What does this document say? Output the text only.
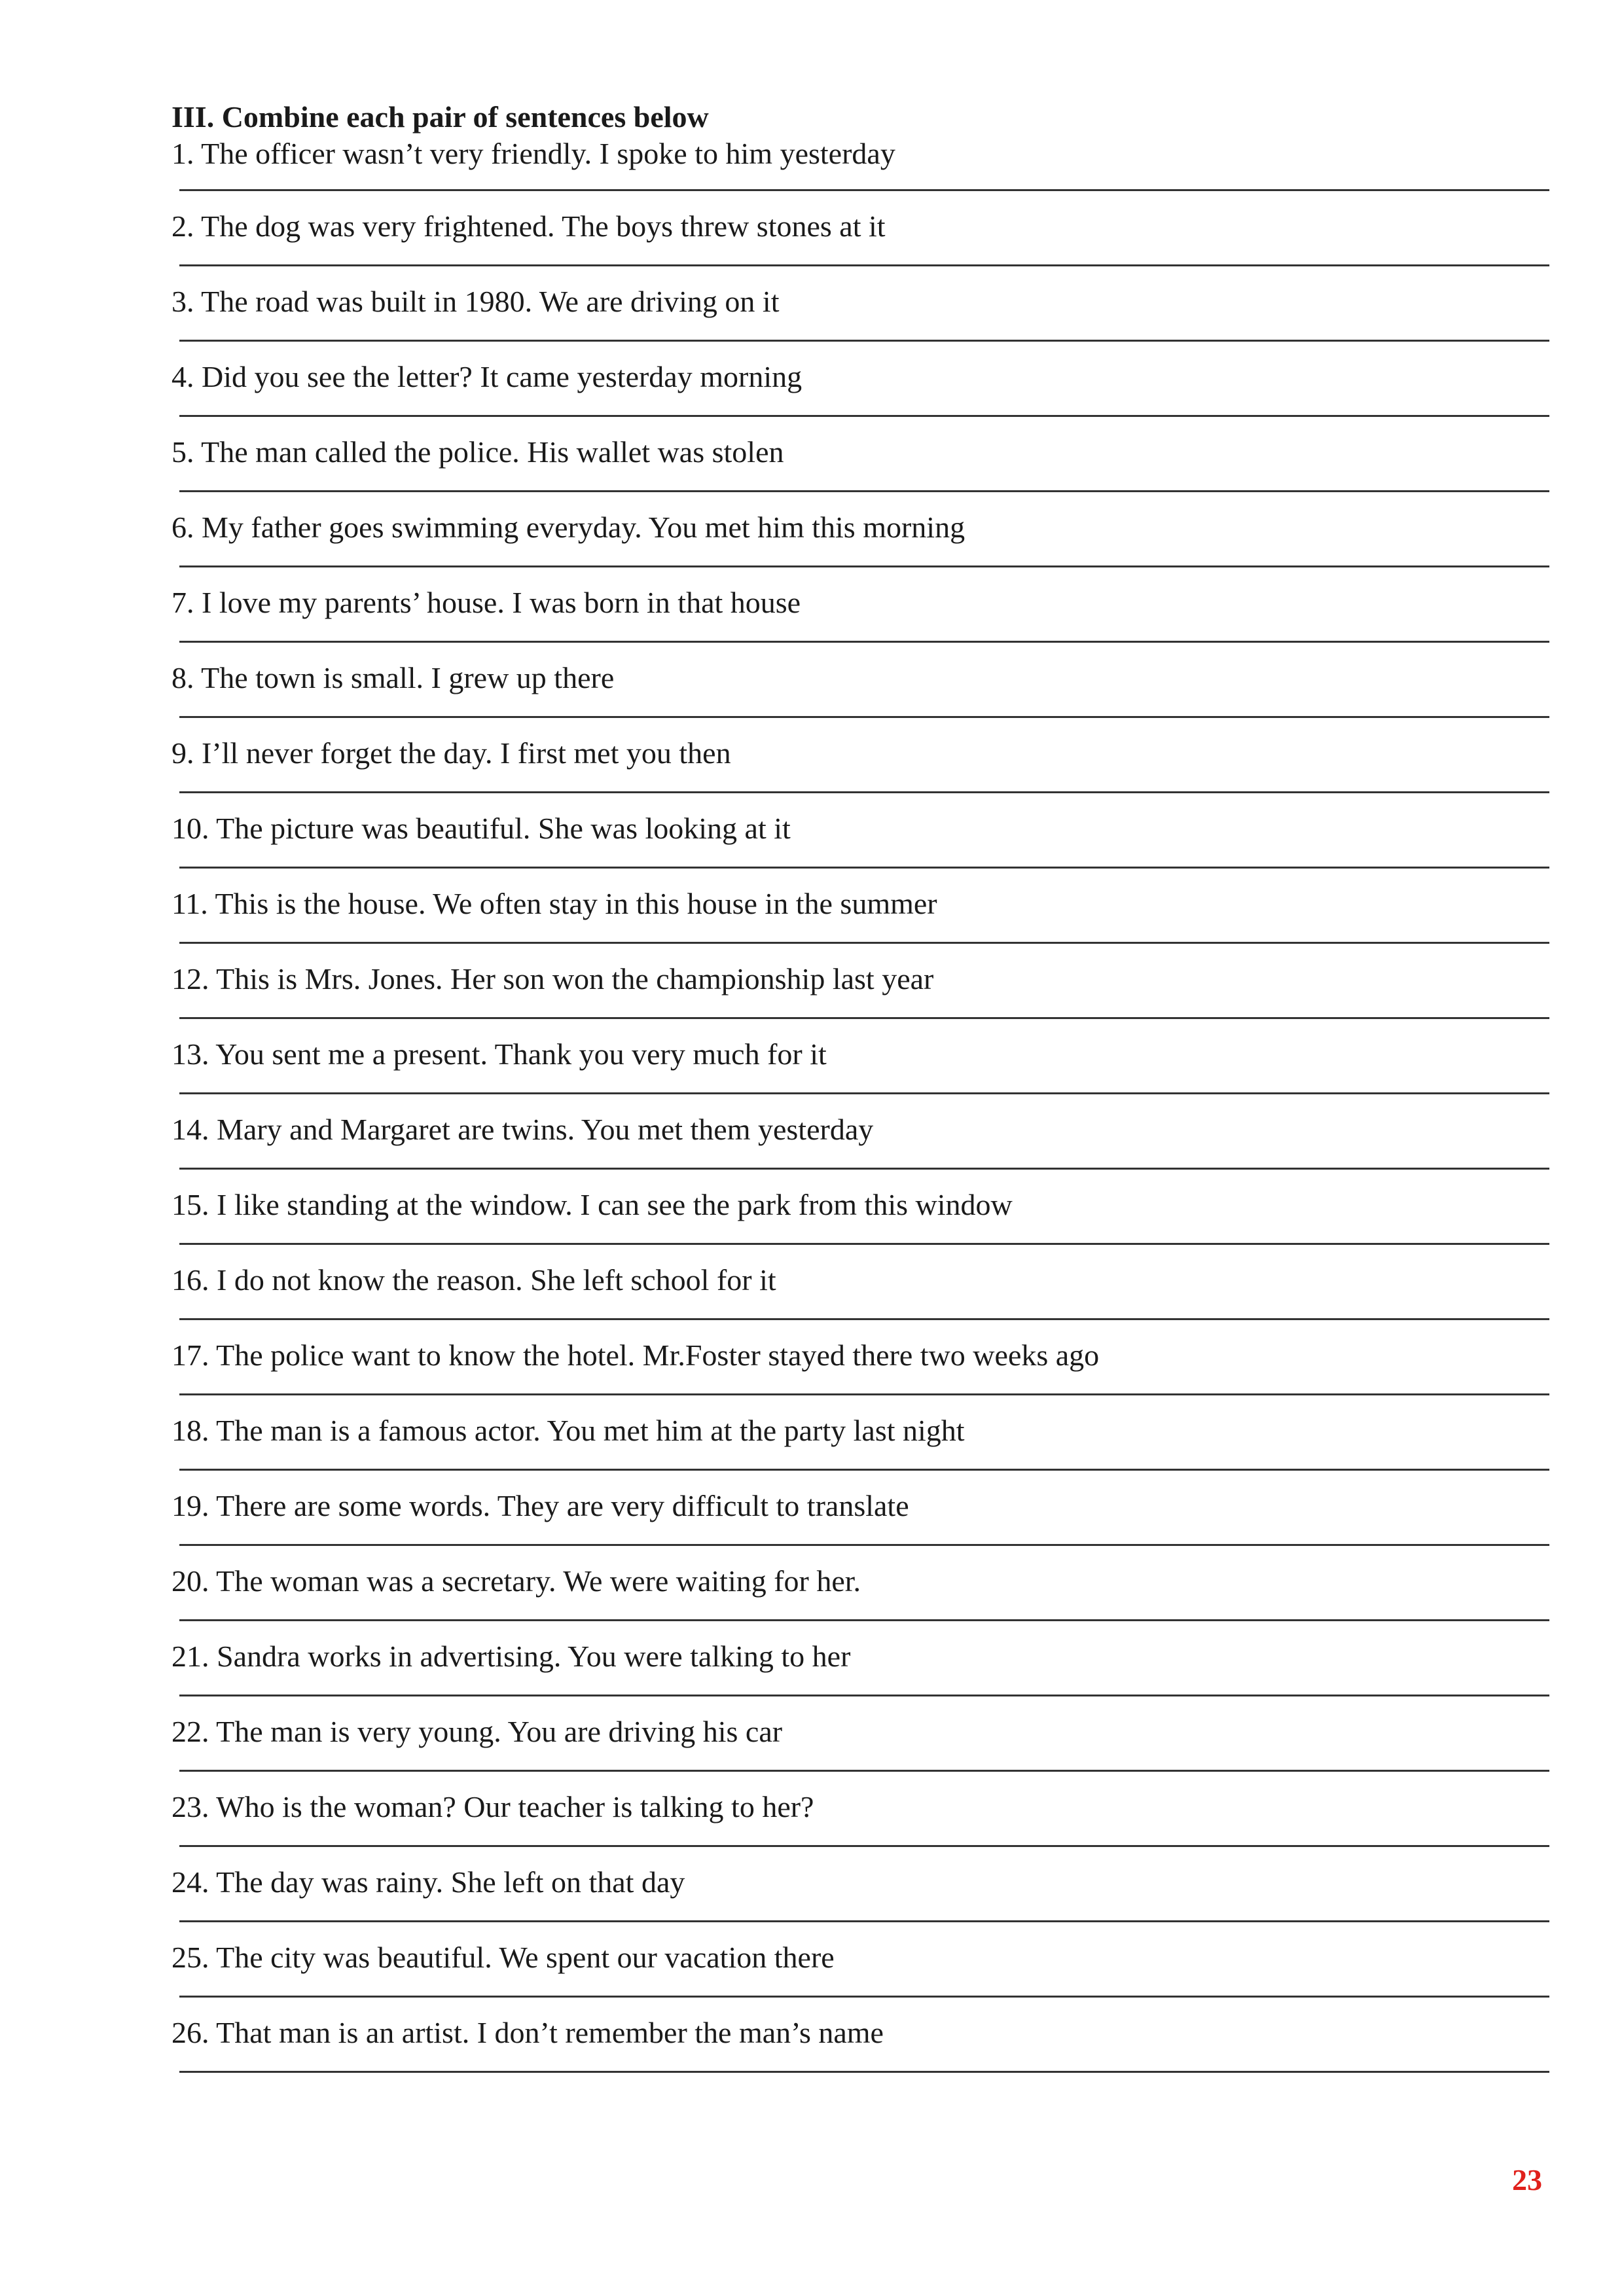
III. Combine each pair of sentences below
1. The officer wasn’t very friendly. I spoke to him yesterday
2. The dog was very frightened. The boys threw stones at it
3. The road was built in 1980. We are driving on it
4. Did you see the letter? It came yesterday morning
5. The man called the police. His wallet was stolen
6. My father goes swimming everyday. You met him this morning
7. I love my parents’ house. I was born in that house
8. The town is small. I grew up there
9. I’ll never forget the day. I first met you then
10. The picture was beautiful. She was looking at it
11. This is the house. We often stay in this house in the summer
12. This is Mrs. Jones. Her son won the championship last year
13. You sent me a present. Thank you very much for it
14. Mary and Margaret are twins. You met them yesterday
15. I like standing at the window. I can see the park from this window
16. I do not know the reason. She left school for it
17. The police want to know the hotel. Mr.Foster stayed there two weeks ago
18. The man is a famous actor. You met him at the party last night
19. There are some words. They are very difficult to translate
20. The woman was a secretary. We were waiting for her.
21. Sandra works in advertising. You were talking to her
22. The man is very young. You are driving his car
23. Who is the woman? Our teacher is talking to her?
24. The day was rainy. She left on that day
25. The city was beautiful. We spent our vacation there
26. That man is an artist. I don’t remember the man’s name
23
